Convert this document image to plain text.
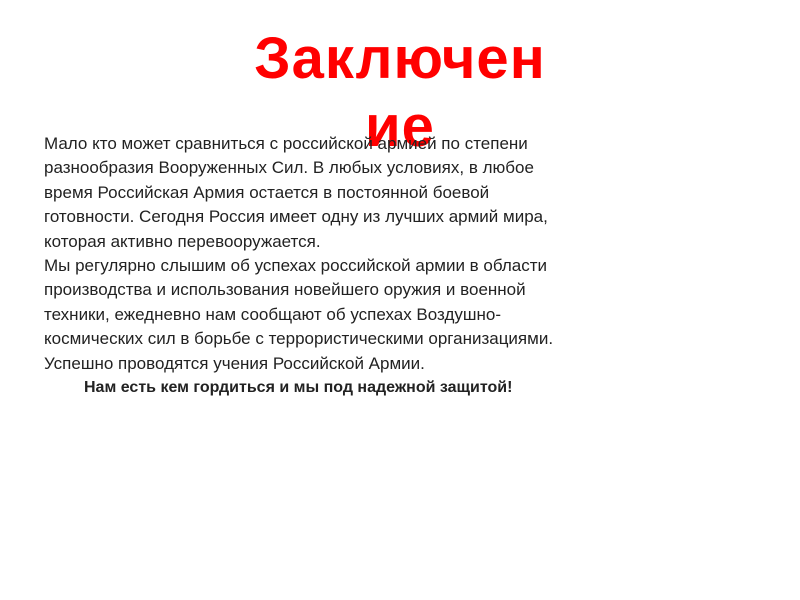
Заключение
Мало кто может сравниться с российской армией по степени
разнообразия Вооруженных Сил. В любых условиях, в любое
время Российская Армия остается в постоянной боевой
готовности. Сегодня Россия имеет одну из лучших армий мира,
которая активно перевооружается.
Мы регулярно слышим об успехах российской армии в области
производства и использования новейшего оружия и военной
техники, ежедневно нам сообщают об успехах Воздушно-
космических сил в борьбе с террористическими организациями.
Успешно проводятся учения Российской Армии.
Нам есть кем гордиться и мы под надежной защитой!
